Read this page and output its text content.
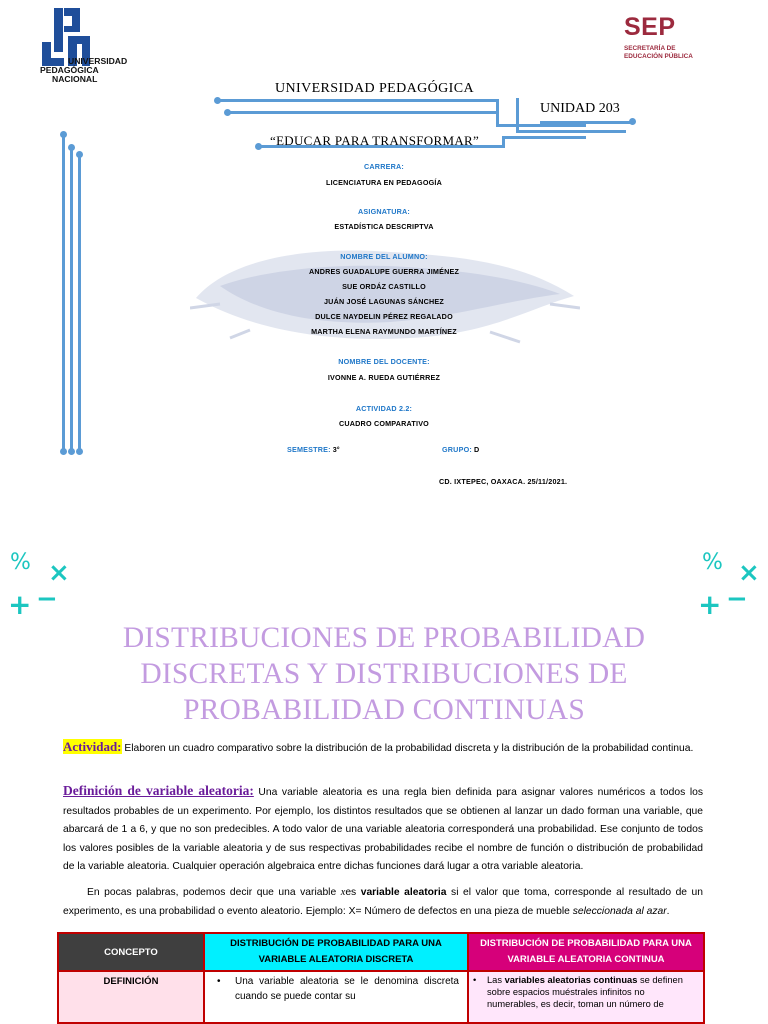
UNIVERSIDAD
PEDAGÓGICA
NACIONAL
SEP
SECRETARÍA DE
EDUCACIÓN PÚBLICA
UNIVERSIDAD PEDAGÓGICA
UNIDAD 203
“EDUCAR PARA TRANSFORMAR”
CARRERA:
LICENCIATURA EN PEDAGOGÍA
ASIGNATURA:
ESTADÍSTICA DESCRIPTVA
NOMBRE DEL ALUMNO:
ANDRES GUADALUPE GUERRA JIMÉNEZ
SUE ORDÁZ CASTILLO
JUÁN JOSÉ LAGUNAS SÁNCHEZ
DULCE NAYDELIN PÉREZ REGALADO
MARTHA ELENA RAYMUNDO MARTÍNEZ
NOMBRE DEL DOCENTE:
IVONNE A. RUEDA GUTIÉRREZ
ACTIVIDAD 2.2:
CUADRO COMPARATIVO
SEMESTRE: 3°	GRUPO: D
CD. IXTEPEC, OAXACA. 25/11/2021.
% ×
+ −
% ×
+ −
DISTRIBUCIONES DE PROBABILIDAD
DISCRETAS Y DISTRIBUCIONES DE
PROBABILIDAD CONTINUAS
Actividad: Elaboren un cuadro comparativo sobre la distribución de la probabilidad discreta y la distribución de la probabilidad continua.
Definición de variable aleatoria: Una variable aleatoria es una regla bien definida para asignar valores numéricos a todos los resultados probables de un experimento. Por ejemplo, los distintos resultados que se obtienen al lanzar un dado forman una variable, que abarcará de 1 a 6, y que no son predecibles. A todo valor de una variable aleatoria corresponderá una probabilidad. Ese conjunto de todos los valores posibles de la variable aleatoria y de sus respectivas probabilidades recibe el nombre de función o distribución de probabilidad de la variable aleatoria. Cualquier operación algebraica entre dichas funciones dará lugar a otra variable aleatoria.
En pocas palabras, podemos decir que una variable xes variable aleatoria si el valor que toma, corresponde al resultado de un experimento, es una probabilidad o evento aleatorio. Ejemplo: X= Número de defectos en una pieza de mueble seleccionada al azar.
CONCEPTO	DISTRIBUCIÓN DE PROBABILIDAD PARA UNA VARIABLE ALEATORIA DISCRETA	DISTRIBUCIÓN DE PROBABILIDAD PARA UNA VARIABLE ALEATORIA CONTINUA
DEFINICIÓN	• Una variable aleatoria se le denomina discreta cuando se puede contar su	• Las variables aleatorias continuas se definen sobre espacios muéstrales infinitos no numerables, es decir, toman un número de
